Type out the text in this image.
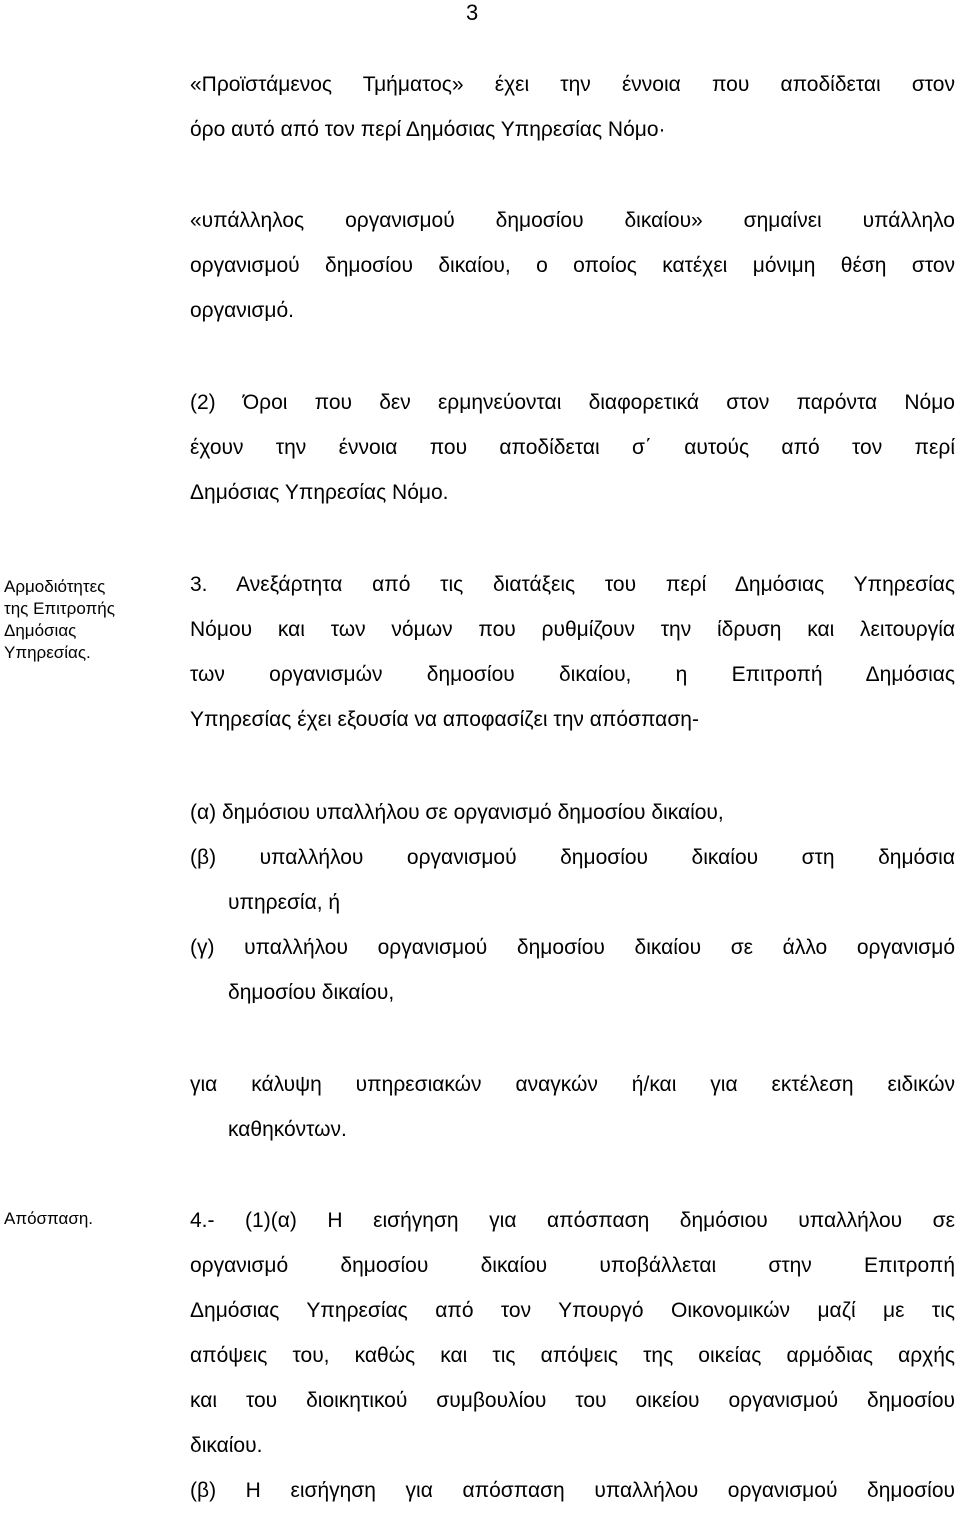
3
«Προϊστάμενος Τμήματος» έχει την έννοια που αποδίδεται στον
όρο αυτό από τον περί Δημόσιας Υπηρεσίας Νόμο·
«υπάλληλος οργανισμού δημοσίου δικαίου» σημαίνει υπάλληλο
οργανισμού δημοσίου δικαίου, ο οποίος κατέχει μόνιμη θέση στον
οργανισμό.
(2) Όροι που δεν ερμηνεύονται διαφορετικά στον παρόντα Νόμο
έχουν την έννοια που αποδίδεται σ΄ αυτούς από τον περί
Δημόσιας Υπηρεσίας Νόμο.
Αρμοδιότητες
της Επιτροπής
Δημόσιας
Υπηρεσίας.
3. Ανεξάρτητα από τις διατάξεις του περί Δημόσιας Υπηρεσίας
Νόμου και των νόμων που ρυθμίζουν την ίδρυση και λειτουργία
των οργανισμών δημοσίου δικαίου, η Επιτροπή Δημόσιας
Υπηρεσίας έχει εξουσία να αποφασίζει την απόσπαση-
(α) δημόσιου υπαλλήλου σε οργανισμό δημοσίου δικαίου,
(β) υπαλλήλου οργανισμού δημοσίου δικαίου στη δημόσια
υπηρεσία, ή
(γ) υπαλλήλου οργανισμού δημοσίου δικαίου σε άλλο οργανισμό
δημοσίου δικαίου,
για κάλυψη υπηρεσιακών αναγκών ή/και για εκτέλεση ειδικών
καθηκόντων.
Απόσπαση.	4.- (1)(α) Η εισήγηση για απόσπαση δημόσιου υπαλλήλου σε
οργανισμό δημοσίου δικαίου υποβάλλεται στην Επιτροπή
Δημόσιας Υπηρεσίας από τον Υπουργό Οικονομικών μαζί με τις
απόψεις του, καθώς και τις απόψεις της οικείας αρμόδιας αρχής
και του διοικητικού συμβουλίου του οικείου οργανισμού δημοσίου
δικαίου.
(β) Η εισήγηση για απόσπαση υπαλλήλου οργανισμού δημοσίου
